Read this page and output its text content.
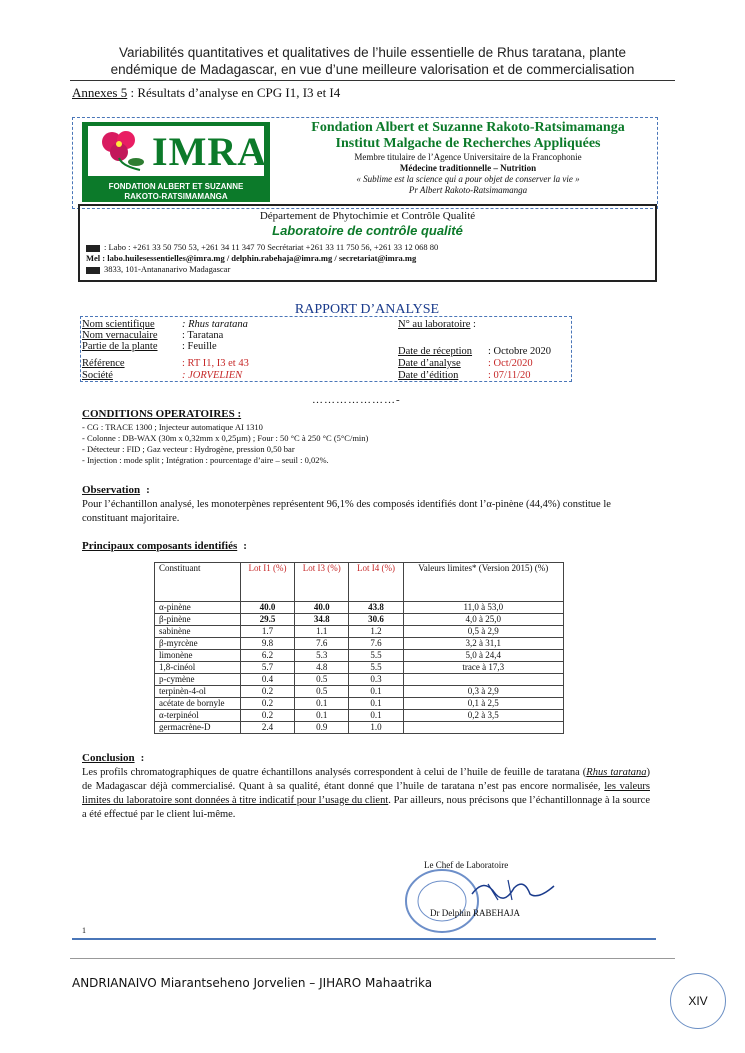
Variabilités quantitatives et qualitatives de l’huile essentielle de Rhus taratana, plante
endémique de Madagascar, en vue d’une meilleure valorisation et de commercialisation
Annexes 5 : Résultats d’analyse en CPG I1, I3 et I4
IMRA
FONDATION ALBERT ET SUZANNE
RAKOTO-RATSIMAMANGA
Fondation Albert et Suzanne Rakoto-Ratsimamanga
Institut Malgache de Recherches Appliquées
Membre titulaire de l’Agence Universitaire de la Francophonie
Médecine traditionnelle – Nutrition
« Sublime est la science qui a pour objet de conserver la vie »
Pr Albert Rakoto-Ratsimamanga
Département de Phytochimie et Contrôle Qualité
Laboratoire de contrôle qualité
: Labo : +261 33 50 750 53, +261 34 11 347 70 Secrétariat +261 33 11 750 56, +261 33 12 068 80
Mel : labo.huilesessentielles@imra.mg / delphin.rabehaja@imra.mg / secretariat@imra.mg
3833, 101-Antananarivo Madagascar
RAPPORT D’ANALYSE
Nom scientifique	: Rhus taratana
Nom vernaculaire : Taratana
Partie de la plante : Feuille
Référence	: RT I1, I3 et 43
Société	: JORVELIEN
N° au laboratoire :
Date de réception : Octobre 2020
Date d’analyse	: Oct/2020
Date d’édition	: 07/11/20
…………………-
CONDITIONS OPERATOIRES :
- CG : TRACE 1300 ; Injecteur automatique AI 1310
- Colonne : DB-WAX (30m x 0,32mm x 0,25µm) ; Four : 50 °C à 250 °C (5°C/min)
- Détecteur : FID ; Gaz vecteur : Hydrogène, pression 0,50 bar
- Injection : mode split ; Intégration : pourcentage d’aire – seuil : 0,02%.
Observation :
Pour l’échantillon analysé, les monoterpènes représentent 96,1% des composés identifiés dont l’α-pinène (44,4%) constitue le constituant majoritaire.
Principaux composants identifiés :
Constituant	Lot I1 (%)	Lot I3 (%)	Lot I4 (%)	Valeurs limites* (Version 2015) (%)
α-pinène	40.0	40.0	43.8	11,0 à 53,0
β-pinène	29.5	34.8	30.6	4,0 à 25,0
sabinène	1.7	1.1	1.2	0,5 à 2,9
β-myrcène	9.8	7.6	7.6	3,2 à 31,1
limonène	6.2	5.3	5.5	5,0 à 24,4
1,8-cinéol	5.7	4.8	5.5	trace à 17,3
p-cymène	0.4	0.5	0.3	
terpinèn-4-ol	0.2	0.5	0.1	0,3 à 2,9
acétate de bornyle	0.2	0.1	0.1	0,1 à 2,5
α-terpinéol	0.2	0.1	0.1	0,2 à 3,5
germacrène-D	2.4	0.9	1.0	
Conclusion :
Les profils chromatographiques de quatre échantillons analysés correspondent à celui de l’huile de feuille de taratana (Rhus taratana) de Madagascar déjà commercialisé. Quant à sa qualité, étant donné que l’huile de taratana n’est pas encore normalisée, les valeurs limites du laboratoire sont données à titre indicatif pour l’usage du client. Par ailleurs, nous précisons que l’échantillonnage à la source a été effectué par le client lui-même.
Le Chef de Laboratoire
Dr Delphin RABEHAJA
1
ANDRIANAIVO Miarantseheno Jorvelien – JIHARO Mahaatrika
XIV
